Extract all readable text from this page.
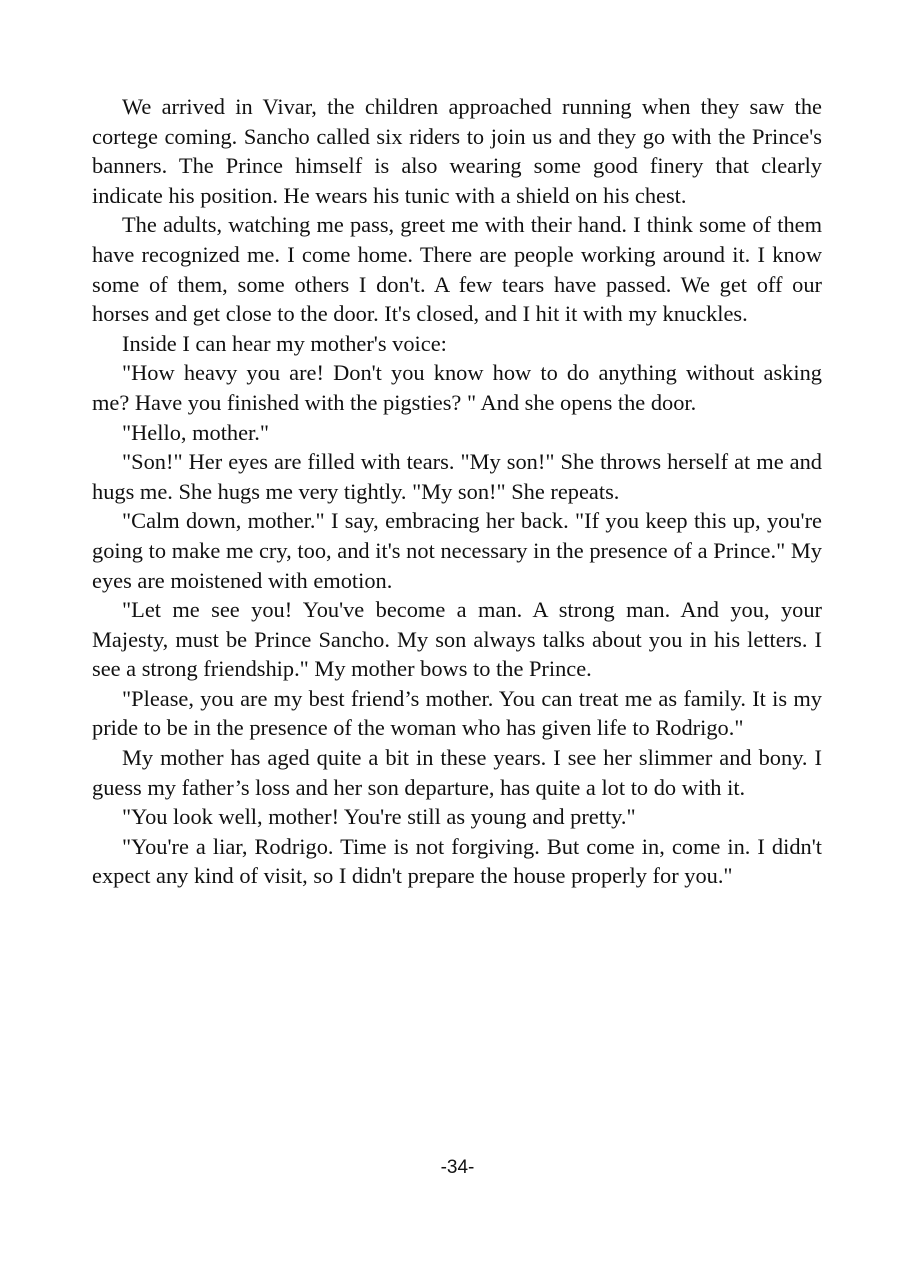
We arrived in Vivar, the children approached running when they saw the cortege coming. Sancho called six riders to join us and they go with the Prince's banners. The Prince himself is also wearing some good finery that clearly indicate his position. He wears his tunic with a shield on his chest.

The adults, watching me pass, greet me with their hand. I think some of them have recognized me. I come home. There are people working around it. I know some of them, some others I don't. A few tears have passed. We get off our horses and get close to the door. It's closed, and I hit it with my knuckles.

Inside I can hear my mother's voice:

"How heavy you are! Don't you know how to do anything without asking me? Have you finished with the pigsties? " And she opens the door.

"Hello, mother."

"Son!" Her eyes are filled with tears. "My son!" She throws herself at me and hugs me. She hugs me very tightly. "My son!" She repeats.

"Calm down, mother." I say, embracing her back. "If you keep this up, you're going to make me cry, too, and it's not necessary in the presence of a Prince." My eyes are moistened with emotion.

"Let me see you! You've become a man. A strong man. And you, your Majesty, must be Prince Sancho. My son always talks about you in his letters. I see a strong friendship." My mother bows to the Prince.

"Please, you are my best friend’s mother. You can treat me as family. It is my pride to be in the presence of the woman who has given life to Rodrigo."

My mother has aged quite a bit in these years. I see her slimmer and bony. I guess my father’s loss and her son departure, has quite a lot to do with it.

"You look well, mother! You're still as young and pretty."

"You're a liar, Rodrigo. Time is not forgiving. But come in, come in. I didn't expect any kind of visit, so I didn't prepare the house properly for you."

-34-
